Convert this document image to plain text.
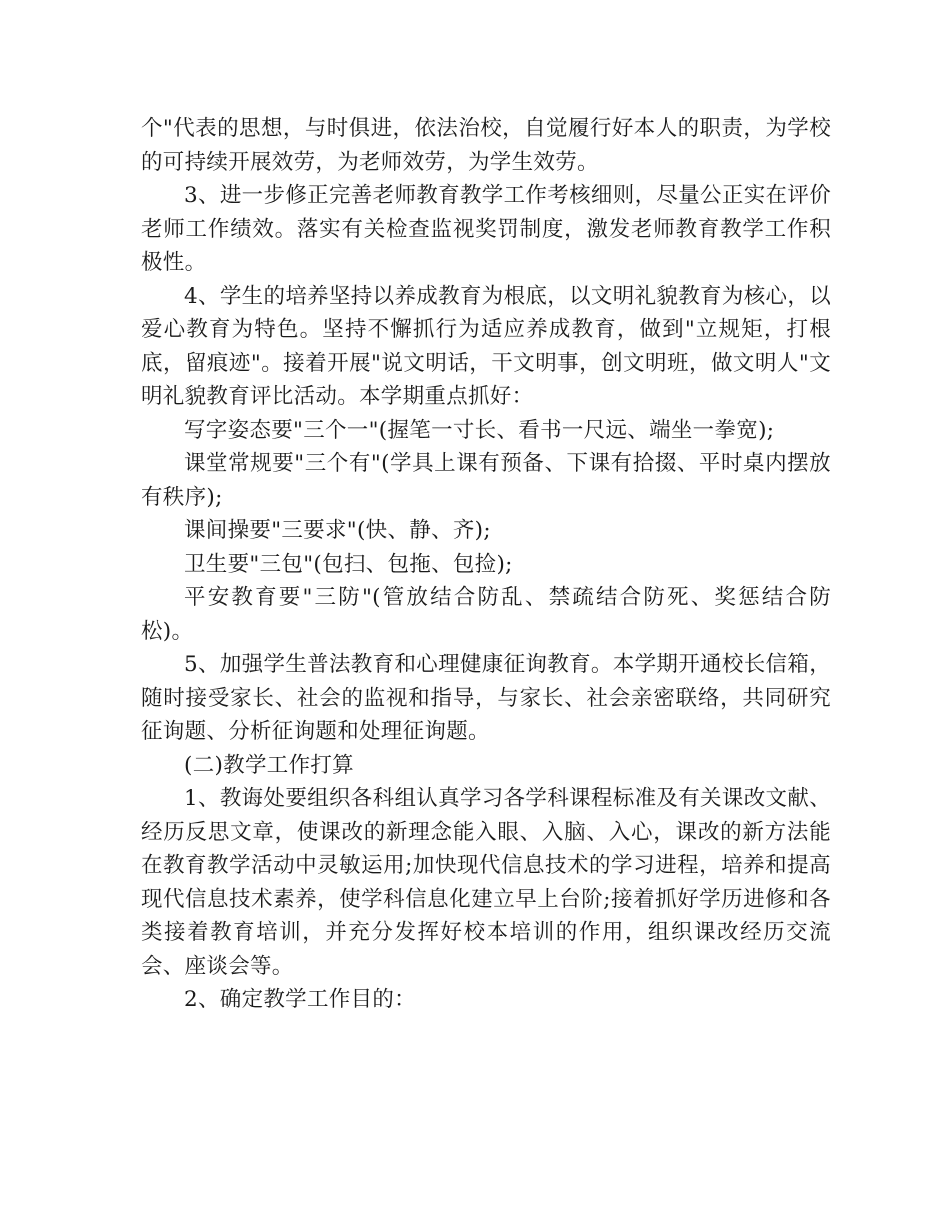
个"代表的思想，与时俱进，依法治校，自觉履行好本人的职责，为学校的可持续开展效劳，为老师效劳，为学生效劳。

3、进一步修正完善老师教育教学工作考核细则，尽量公正实在评价老师工作绩效。落实有关检查监视奖罚制度，激发老师教育教学工作积极性。

4、学生的培养坚持以养成教育为根底，以文明礼貌教育为核心，以爱心教育为特色。坚持不懈抓行为适应养成教育，做到"立规矩，打根底，留痕迹"。接着开展"说文明话，干文明事，创文明班，做文明人"文明礼貌教育评比活动。本学期重点抓好：

写字姿态要"三个一"(握笔一寸长、看书一尺远、端坐一拳宽);

课堂常规要"三个有"(学具上课有预备、下课有拾掇、平时桌内摆放有秩序);

课间操要"三要求"(快、静、齐);

卫生要"三包"(包扫、包拖、包捡);

平安教育要"三防"(管放结合防乱、禁疏结合防死、奖惩结合防松)。

5、加强学生普法教育和心理健康征询教育。本学期开通校长信箱，随时接受家长、社会的监视和指导，与家长、社会亲密联络，共同研究征询题、分析征询题和处理征询题。

(二)教学工作打算

1、教诲处要组织各科组认真学习各学科课程标准及有关课改文献、经历反思文章，使课改的新理念能入眼、入脑、入心，课改的新方法能在教育教学活动中灵敏运用;加快现代信息技术的学习进程，培养和提高现代信息技术素养，使学科信息化建立早上台阶;接着抓好学历进修和各类接着教育培训，并充分发挥好校本培训的作用，组织课改经历交流会、座谈会等。

2、确定教学工作目的：
